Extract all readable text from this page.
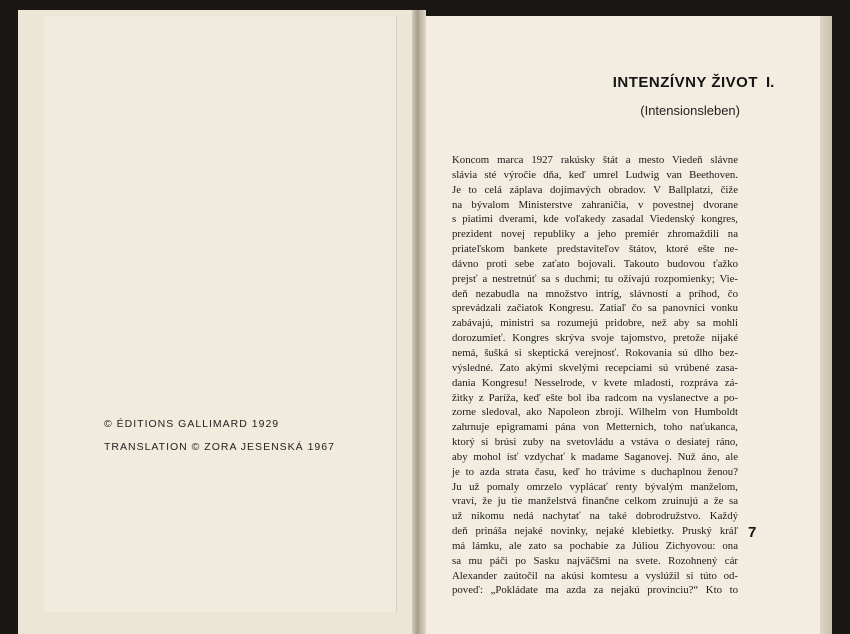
© ÉDITIONS GALLIMARD 1929
TRANSLATION © ZORA JESENSKÁ 1967
INTENZÍVNY ŽIVOT I.
(Intensionsleben)
Koncom marca 1927 rakúsky štát a mesto Viedeň slávne
slávia sté výročie dňa, keď umrel Ludwig van Beethoven.
Je to celá záplava dojímavých obradov. V Ballplatzi, čiže
na bývalom Ministerstve zahraničia, v povestnej dvorane
s piatimi dverami, kde voľakedy zasadal Viedenský kongres,
prezident novej republiky a jeho premiér zhromaždili na
priateľskom bankete predstaviteľov štátov, ktoré ešte ne-
dávno proti sebe zaťato bojovali. Takouto budovou ťažko
prejsť a nestretnúť sa s duchmi; tu ožívajú rozpomienky; Vie-
deň nezabudla na množstvo intríg, slávností a príhod, čo
sprevádzali začiatok Kongresu. Zatiaľ čo sa panovníci vonku
zabávajú, ministri sa rozumejú pridobre, než aby sa mohli
dorozumieť. Kongres skrýva svoje tajomstvo, pretože nijaké
nemá, šušká si skeptická verejnosť. Rokovania sú dlho bez-
výsledné. Zato akými skvelými recepciami sú vrúbené zasa-
dania Kongresu! Nesselrode, v kvete mladosti, rozpráva zá-
žitky z Paríža, keď ešte bol iba radcom na vyslanectve a po-
zorne sledoval, ako Napoleon zbrojí. Wilhelm von Humboldt
zahrnuje epigramami pána von Metternich, toho naťukanca,
ktorý si brúsi zuby na svetovládu a vstáva o desiatej ráno,
aby mohol ísť vzdychať k madame Saganovej. Nuž áno, ale
je to azda strata času, keď ho trávime s duchaplnou ženou?
Ju už pomaly omrzelo vyplácať renty bývalým manželom,
vraví, že ju tie manželstvá finančne celkom zruinujú a že sa
už nikomu nedá nachytať na také dobrodružstvo. Každý
deň prináša nejaké novinky, nejaké klebietky. Pruský kráľ
má lámku, ale zato sa pochabie za Júliou Zichyovou: ona
sa mu páči po Sasku najväčšmi na svete. Rozohnený cár
Alexander zaútočil na akúsi komtesu a vyslúžil si túto od-
poveď: „Pokládate ma azda za nejakú provinciu?“ Kto to
7
